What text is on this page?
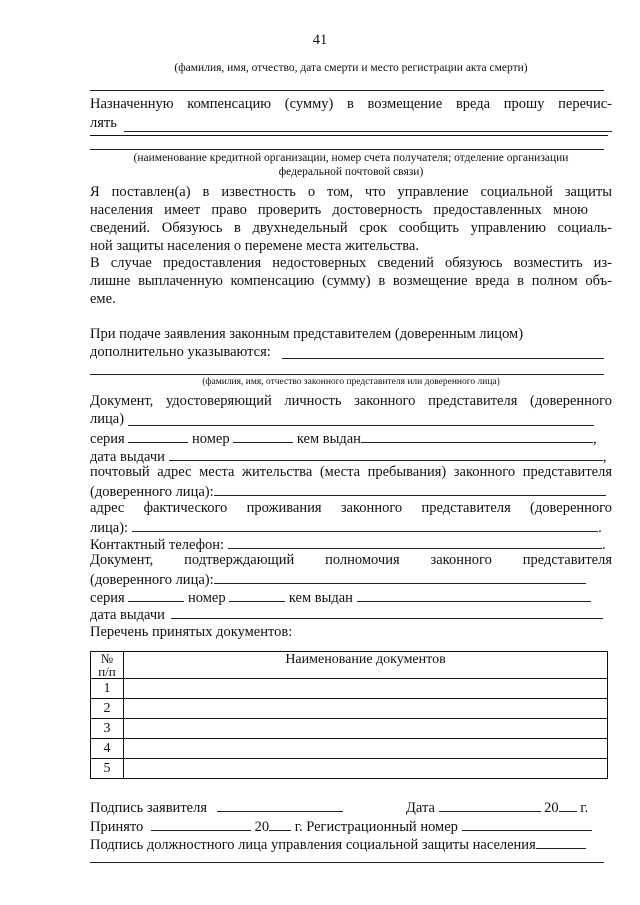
41
(фамилия, имя, отчество, дата смерти и место регистрации акта смерти)
Назначенную компенсацию (сумму) в возмещение вреда прошу перечис-
лять
(наименование кредитной организации, номер счета получателя; отделение организации
федеральной почтовой связи)
Я поставлен(а) в известность о том, что управление социальной защиты
населения имеет право проверить достоверность предоставленных мною
сведений. Обязуюсь в двухнедельный срок сообщить управлению социаль-
ной защиты населения о перемене места жительства.
В случае предоставления недостоверных сведений обязуюсь возместить из-
лишне выплаченную компенсацию (сумму) в возмещение вреда в полном объ-
еме.
При подаче заявления законным представителем (доверенным лицом)
дополнительно указываются:
(фамилия, имя, отчество законного представителя или доверенного лица)
Документ, удостоверяющий личность законного представителя (доверенного
лица)
серия	номер	кем выдан	,
дата выдачи	,
почтовый адрес места жительства (места пребывания) законного представителя
(доверенного лица):
адрес фактического проживания законного представителя (доверенного
лица):	.
Контактный телефон:	.
Документ, подтверждающий полномочия законного представителя
(доверенного лица):
серия	номер	кем выдан
дата выдачи
Перечень принятых документов:
№
п/п	Наименование документов
1	
2	
3	
4	
5	
Подпись заявителя	Дата	20 г.
Принято	20 г. Регистрационный номер
Подпись должностного лица управления социальной защиты населения
